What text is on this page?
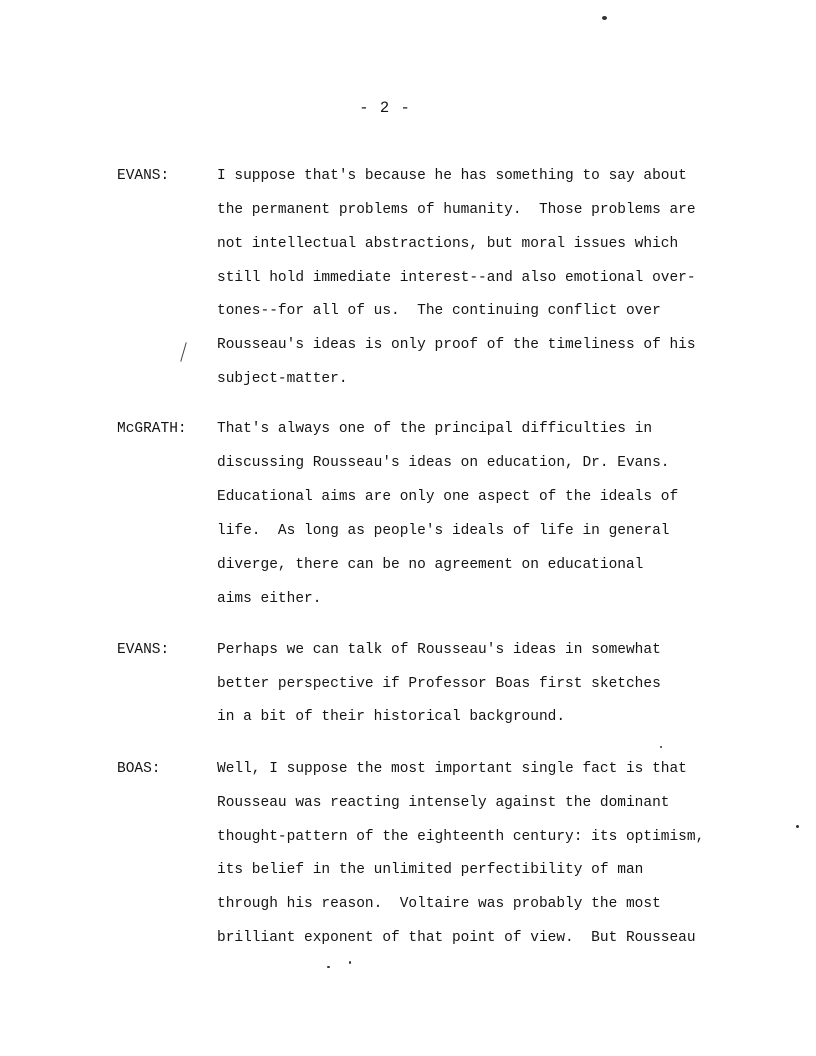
- 2 -
EVANS:	I suppose that's because he has something to say about
the permanent problems of humanity.  Those problems are
not intellectual abstractions, but moral issues which
still hold immediate interest--and also emotional over-
tones--for all of us.  The continuing conflict over
Rousseau's ideas is only proof of the timeliness of his
subject-matter.
McGRATH: That's always one of the principal difficulties in
discussing Rousseau's ideas on education, Dr. Evans.
Educational aims are only one aspect of the ideals of
life.  As long as people's ideals of life in general
diverge, there can be no agreement on educational
aims either.
EVANS:	Perhaps we can talk of Rousseau's ideas in somewhat
better perspective if Professor Boas first sketches
in a bit of their historical background.
BOAS:	Well, I suppose the most important single fact is that
Rousseau was reacting intensely against the dominant
thought-pattern of the eighteenth century: its optimism,
its belief in the unlimited perfectibility of man
through his reason.  Voltaire was probably the most
brilliant exponent of that point of view.  But Rousseau
